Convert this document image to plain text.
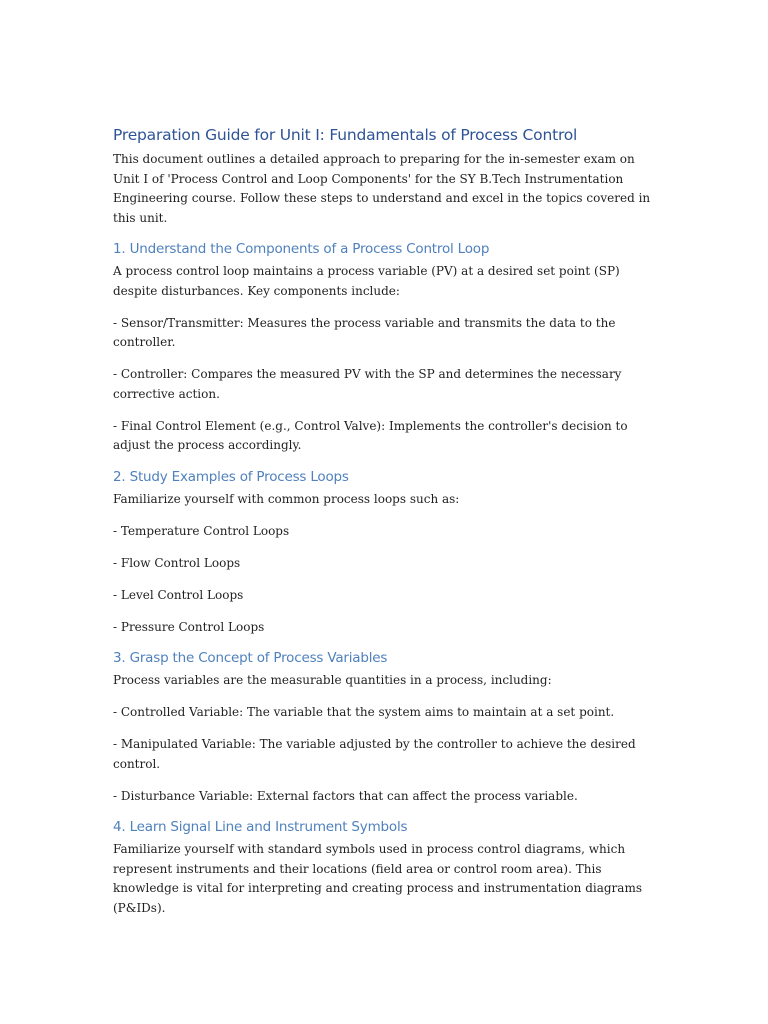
Preparation Guide for Unit I: Fundamentals of Process Control

This document outlines a detailed approach to preparing for the in-semester exam on Unit I of 'Process Control and Loop Components' for the SY B.Tech Instrumentation Engineering course. Follow these steps to understand and excel in the topics covered in this unit.

1. Understand the Components of a Process Control Loop

A process control loop maintains a process variable (PV) at a desired set point (SP) despite disturbances. Key components include:

- Sensor/Transmitter: Measures the process variable and transmits the data to the controller.

- Controller: Compares the measured PV with the SP and determines the necessary corrective action.

- Final Control Element (e.g., Control Valve): Implements the controller's decision to adjust the process accordingly.

2. Study Examples of Process Loops

Familiarize yourself with common process loops such as:

- Temperature Control Loops

- Flow Control Loops

- Level Control Loops

- Pressure Control Loops

3. Grasp the Concept of Process Variables

Process variables are the measurable quantities in a process, including:

- Controlled Variable: The variable that the system aims to maintain at a set point.

- Manipulated Variable: The variable adjusted by the controller to achieve the desired control.

- Disturbance Variable: External factors that can affect the process variable.

4. Learn Signal Line and Instrument Symbols

Familiarize yourself with standard symbols used in process control diagrams, which represent instruments and their locations (field area or control room area). This knowledge is vital for interpreting and creating process and instrumentation diagrams (P&IDs).
